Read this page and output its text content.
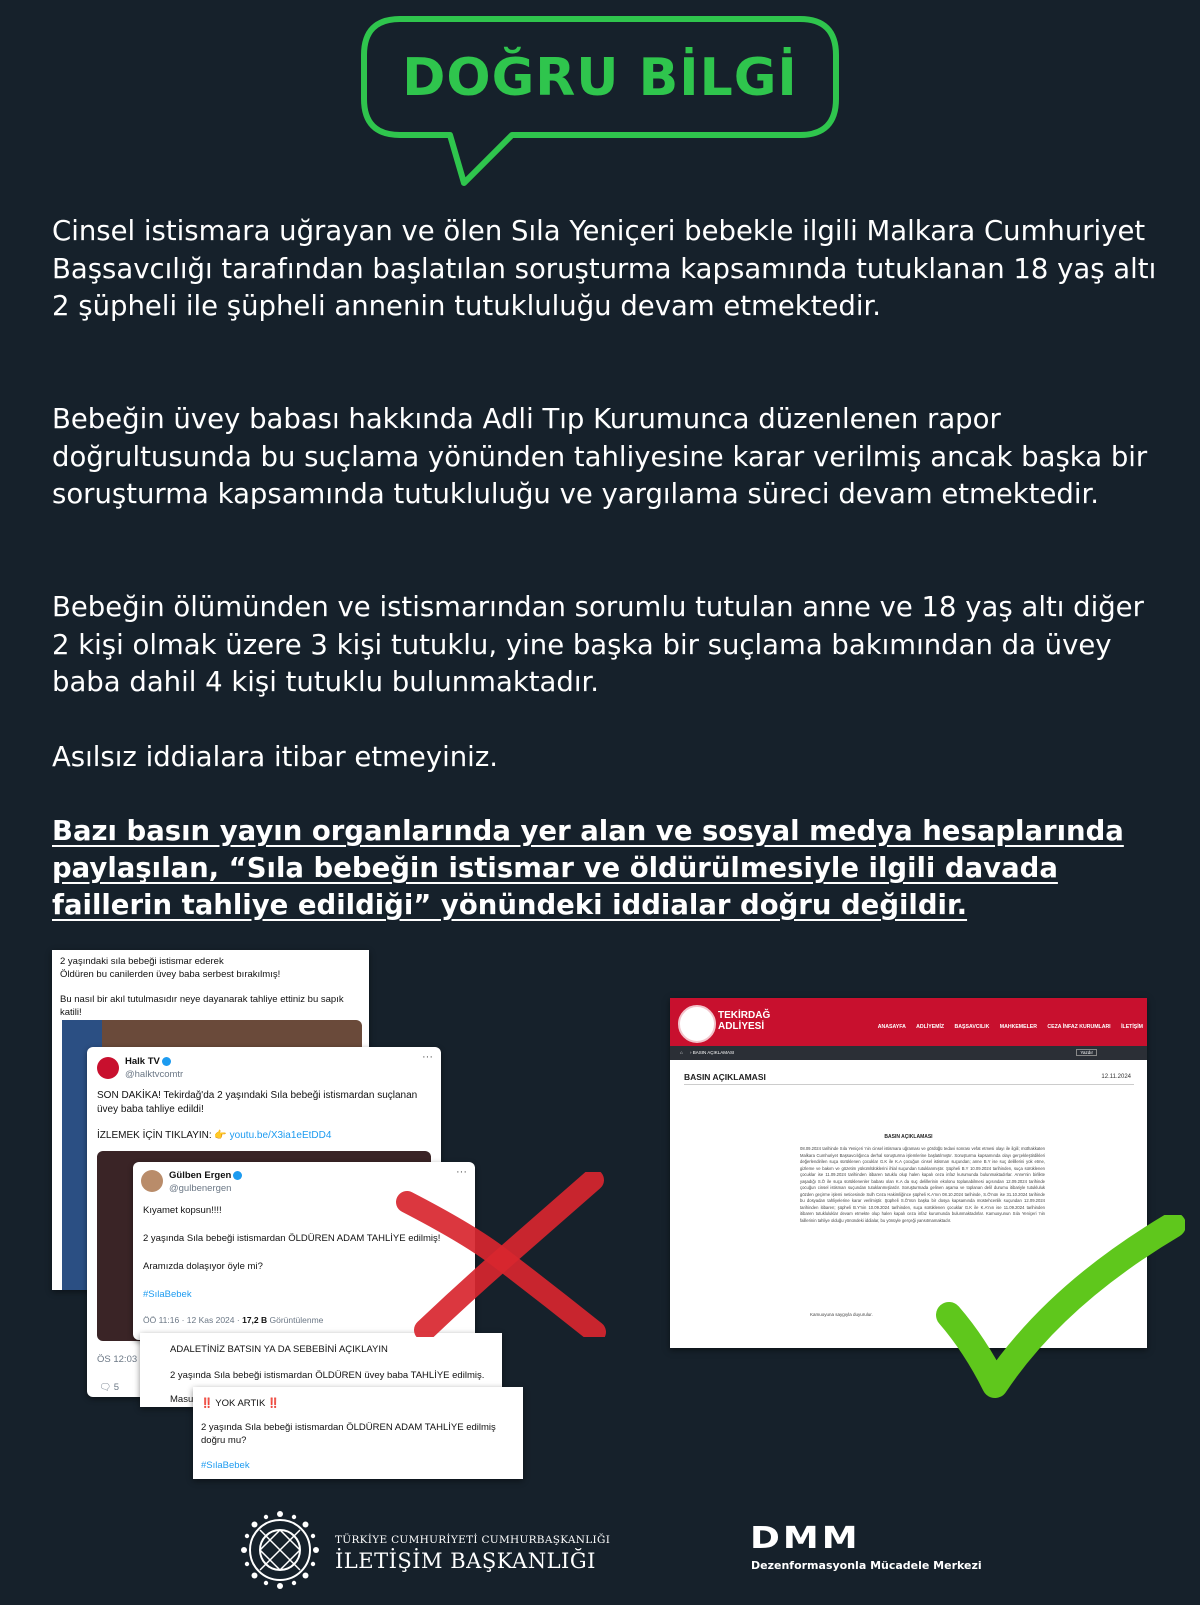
DOĞRU BİLGİ

Cinsel istismara uğrayan ve ölen Sıla Yeniçeri bebekle ilgili Malkara Cumhuriyet Başsavcılığı tarafından başlatılan soruşturma kapsamında tutuklanan 18 yaş altı 2 şüpheli ile şüpheli annenin tutukluluğu devam etmektedir.

Bebeğin üvey babası hakkında Adli Tıp Kurumunca düzenlenen rapor doğrultusunda bu suçlama yönünden tahliyesine karar verilmiş ancak başka bir soruşturma kapsamında tutukluluğu ve yargılama süreci devam etmektedir.

Bebeğin ölümünden ve istismarından sorumlu tutulan anne ve 18 yaş altı diğer 2 kişi olmak üzere 3 kişi tutuklu, yine başka bir suçlama bakımından da üvey baba dahil 4 kişi tutuklu bulunmaktadır.

Asılsız iddialara itibar etmeyiniz.

Bazı basın yayın organlarında yer alan ve sosyal medya hesaplarında paylaşılan, “Sıla bebeğin istismar ve öldürülmesiyle ilgili davada faillerin tahliye edildiği” yönündeki iddialar doğru değildir.

2 yaşındaki sıla bebeği istismar ederek

Öldüren bu canilerden üvey baba serbest bırakılmış!

Bu nasıl bir akıl tutulmasıdır neye dayanarak tahliye ettiniz bu sapık katili!

Halk TV
@halktvcomtr
···

SON DAKİKA! Tekirdağ'da 2 yaşındaki Sıla bebeği istismardan suçlanan üvey baba tahliye edildi!

İZLEMEK İÇİN TIKLAYIN: 👉 youtu.be/X3ia1eEtDD4

ÖS 12:03

🗨 5

Gülben Ergen
@gulbenergen
···

Kıyamet kopsun!!!!

2 yaşında Sıla bebeği istismardan ÖLDÜREN ADAM TAHLİYE edilmiş!

Aramızda dolaşıyor öyle mi?

#SılaBebek

ÖÖ 11:16 · 12 Kas 2024 · 17,2 B Görüntülenme

ADALETİNİZ BATSIN YA DA SEBEBİNİ AÇIKLAYIN

2 yaşında Sıla bebeği istismardan ÖLDÜREN üvey baba TAHLİYE edilmiş.

Masu ‼️ YOK ARTIK ‼️

2 yaşında Sıla bebeği istismardan ÖLDÜREN ADAM TAHLİYE edilmiş doğru mu?

#SılaBebek

TEKİRDAĞ
ADLİYESİ	ANASAYFA ADLİYEMİZ BAŞSAVCILIK MAHKEMELER CEZA İNFAZ KURUMLARI İLETİŞİM
⌂ › BASIN AÇIKLAMASI	Yazdır
BASIN AÇIKLAMASI	12.11.2024
BASIN AÇIKLAMASI
08.09.2024 tarihinde Sıla Yeniçeri 'nin cinsel istismara uğraması ve gördüğü tedavi sonrası vefat etmesi olayı ile ilgili; müthakkaten Malkara Cumhuriyet Başsavcılığınca derhal soruşturma işlemlerine başlatılmıştır. Soruşturma kapsamında olayı gerçekleştirdikleri değerlendirilen suça sürüklenen çocuklar G.K ile K.A çocuğun cinsel istismarı suçundan; anne B.Y ise suç delillerini yok etme, gizleme ve bakım ve gözetim yükümlülüklerini ihlal suçundan tutuklanmıştır. Şüpheli B.Y 10.09.2024 tarihinden, suça sürüklenen çocuklar ise 11.09.2024 tarihinden itibaren tutuklu olup halen kapalı ceza infaz kurumunda bulunmaktadırlar. Anne'nin birlikte yaşadığı S.Ö ile suça sürüklenenler babası olan K.A da suç delillerinin ekolonu toplanabilmesi açısından 12.09.2024 tarihinde çocuğun cinsel istismarı suçundan tutuklanmışlardır. Soruşturmada gelinen aşama ve toplanan delil durumu itibariyle tutukluluk gözden geçirme işlemi neticesinde Sulh Ceza Hakimliğince şüpheli K.A'nın 08.10.2024 tarihinde, S.Ö'nün ise 31.10.2024 tarihinde bu dosyadan tahliyelerine karar verilmiştir. Şüpheli S.Ö'nün başka bir dosya kapsamında müstehcenlik suçundan 12.09.2024 tarihinden itibaren; şüpheli B.Y'nin 10.09.2024 tarihinden, suça sürüklenen çocuklar G.K ile K.A'nın ise 11.09.2024 tarihinden itibaren tutukluluklar devam etmekte olup halen kapalı ceza infaz kurumunda bulunmaktadırlar. Kamuoyunun Sıla Yeniçeri 'nin faillerinin tahliye olduğu yönündeki iddialar, bu yönüyle gerçeği yansıtmamaktadır.
Kamuoyuna saygıyla duyurulur.
TÜRKİYE CUMHURİYETİ CUMHURBAŞKANLIĞI
İLETİŞİM BAŞKANLIĞI
DMM
Dezenformasyonla Mücadele Merkezi
